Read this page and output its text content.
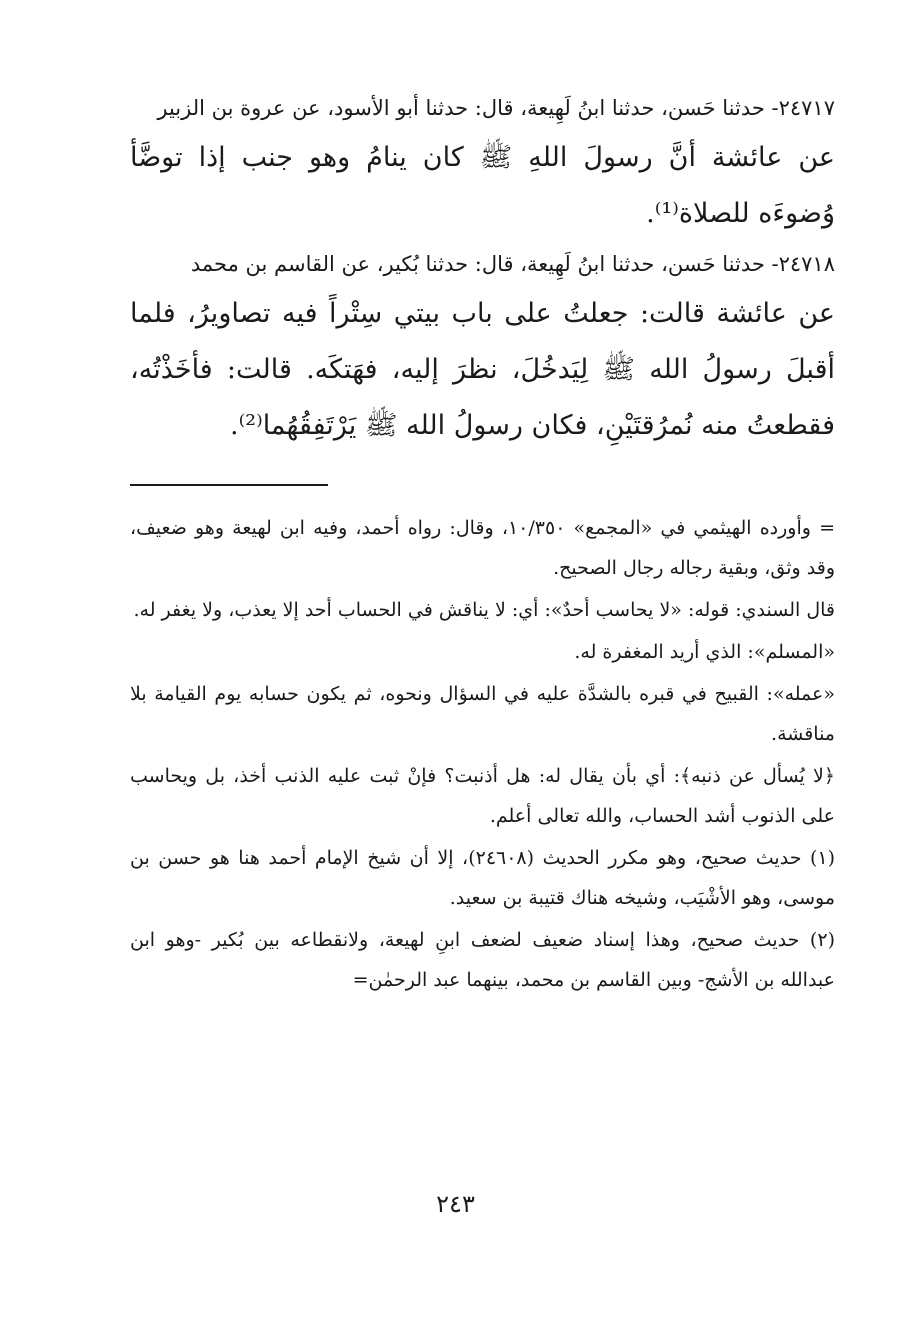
٢٤٧١٧- حدثنا حَسن، حدثنا ابنُ لَهِيعة، قال: حدثنا أبو الأسود، عن عروة بن الزبير

عن عائشة أنَّ رسولَ اللهِ ﷺ كان ينامُ وهو جنب إذا توضَّأ وُضوءَه للصلاة⁽¹⁾.

٢٤٧١٨- حدثنا حَسن، حدثنا ابنُ لَهِيعة، قال: حدثنا بُكير، عن القاسم بن محمد

عن عائشة قالت: جعلتُ على باب بيتي سِتْراً فيه تصاويرُ، فلما أقبلَ رسولُ الله ﷺ لِيَدخُلَ، نظرَ إليه، فهَتكَه. قالت: فأخَذْتُه، فقطعتُ منه نُمرُقتَيْنِ، فكان رسولُ الله ﷺ يَرْتَفِقُهُما⁽²⁾.

= وأورده الهيثمي في «المجمع» ١٠/٣٥٠، وقال: رواه أحمد، وفيه ابن لهيعة وهو ضعيف، وقد وثق، وبقية رجاله رجال الصحيح.

قال السندي: قوله: «لا يحاسب أحدٌ»: أي: لا يناقش في الحساب أحد إلا يعذب، ولا يغفر له.

«المسلم»: الذي أريد المغفرة له.

«عمله»: القبيح في قبره بالشدَّة عليه في السؤال ونحوه، ثم يكون حسابه يوم القيامة بلا مناقشة.

﴿لا يُسأل عن ذنبه﴾: أي بأن يقال له: هل أذنبت؟ فإنْ ثبت عليه الذنب أخذ، بل ويحاسب على الذنوب أشد الحساب، والله تعالى أعلم.

(١) حديث صحيح، وهو مكرر الحديث (٢٤٦٠٨)، إلا أن شيخ الإمام أحمد هنا هو حسن بن موسى، وهو الأشْيَب، وشيخه هناك قتيبة بن سعيد.

(٢) حديث صحيح، وهذا إسناد ضعيف لضعف ابنِ لهيعة، ولانقطاعه بين بُكير -وهو ابن عبدالله بن الأشج- وبين القاسم بن محمد، بينهما عبد الرحمٰن=

٢٤٣
